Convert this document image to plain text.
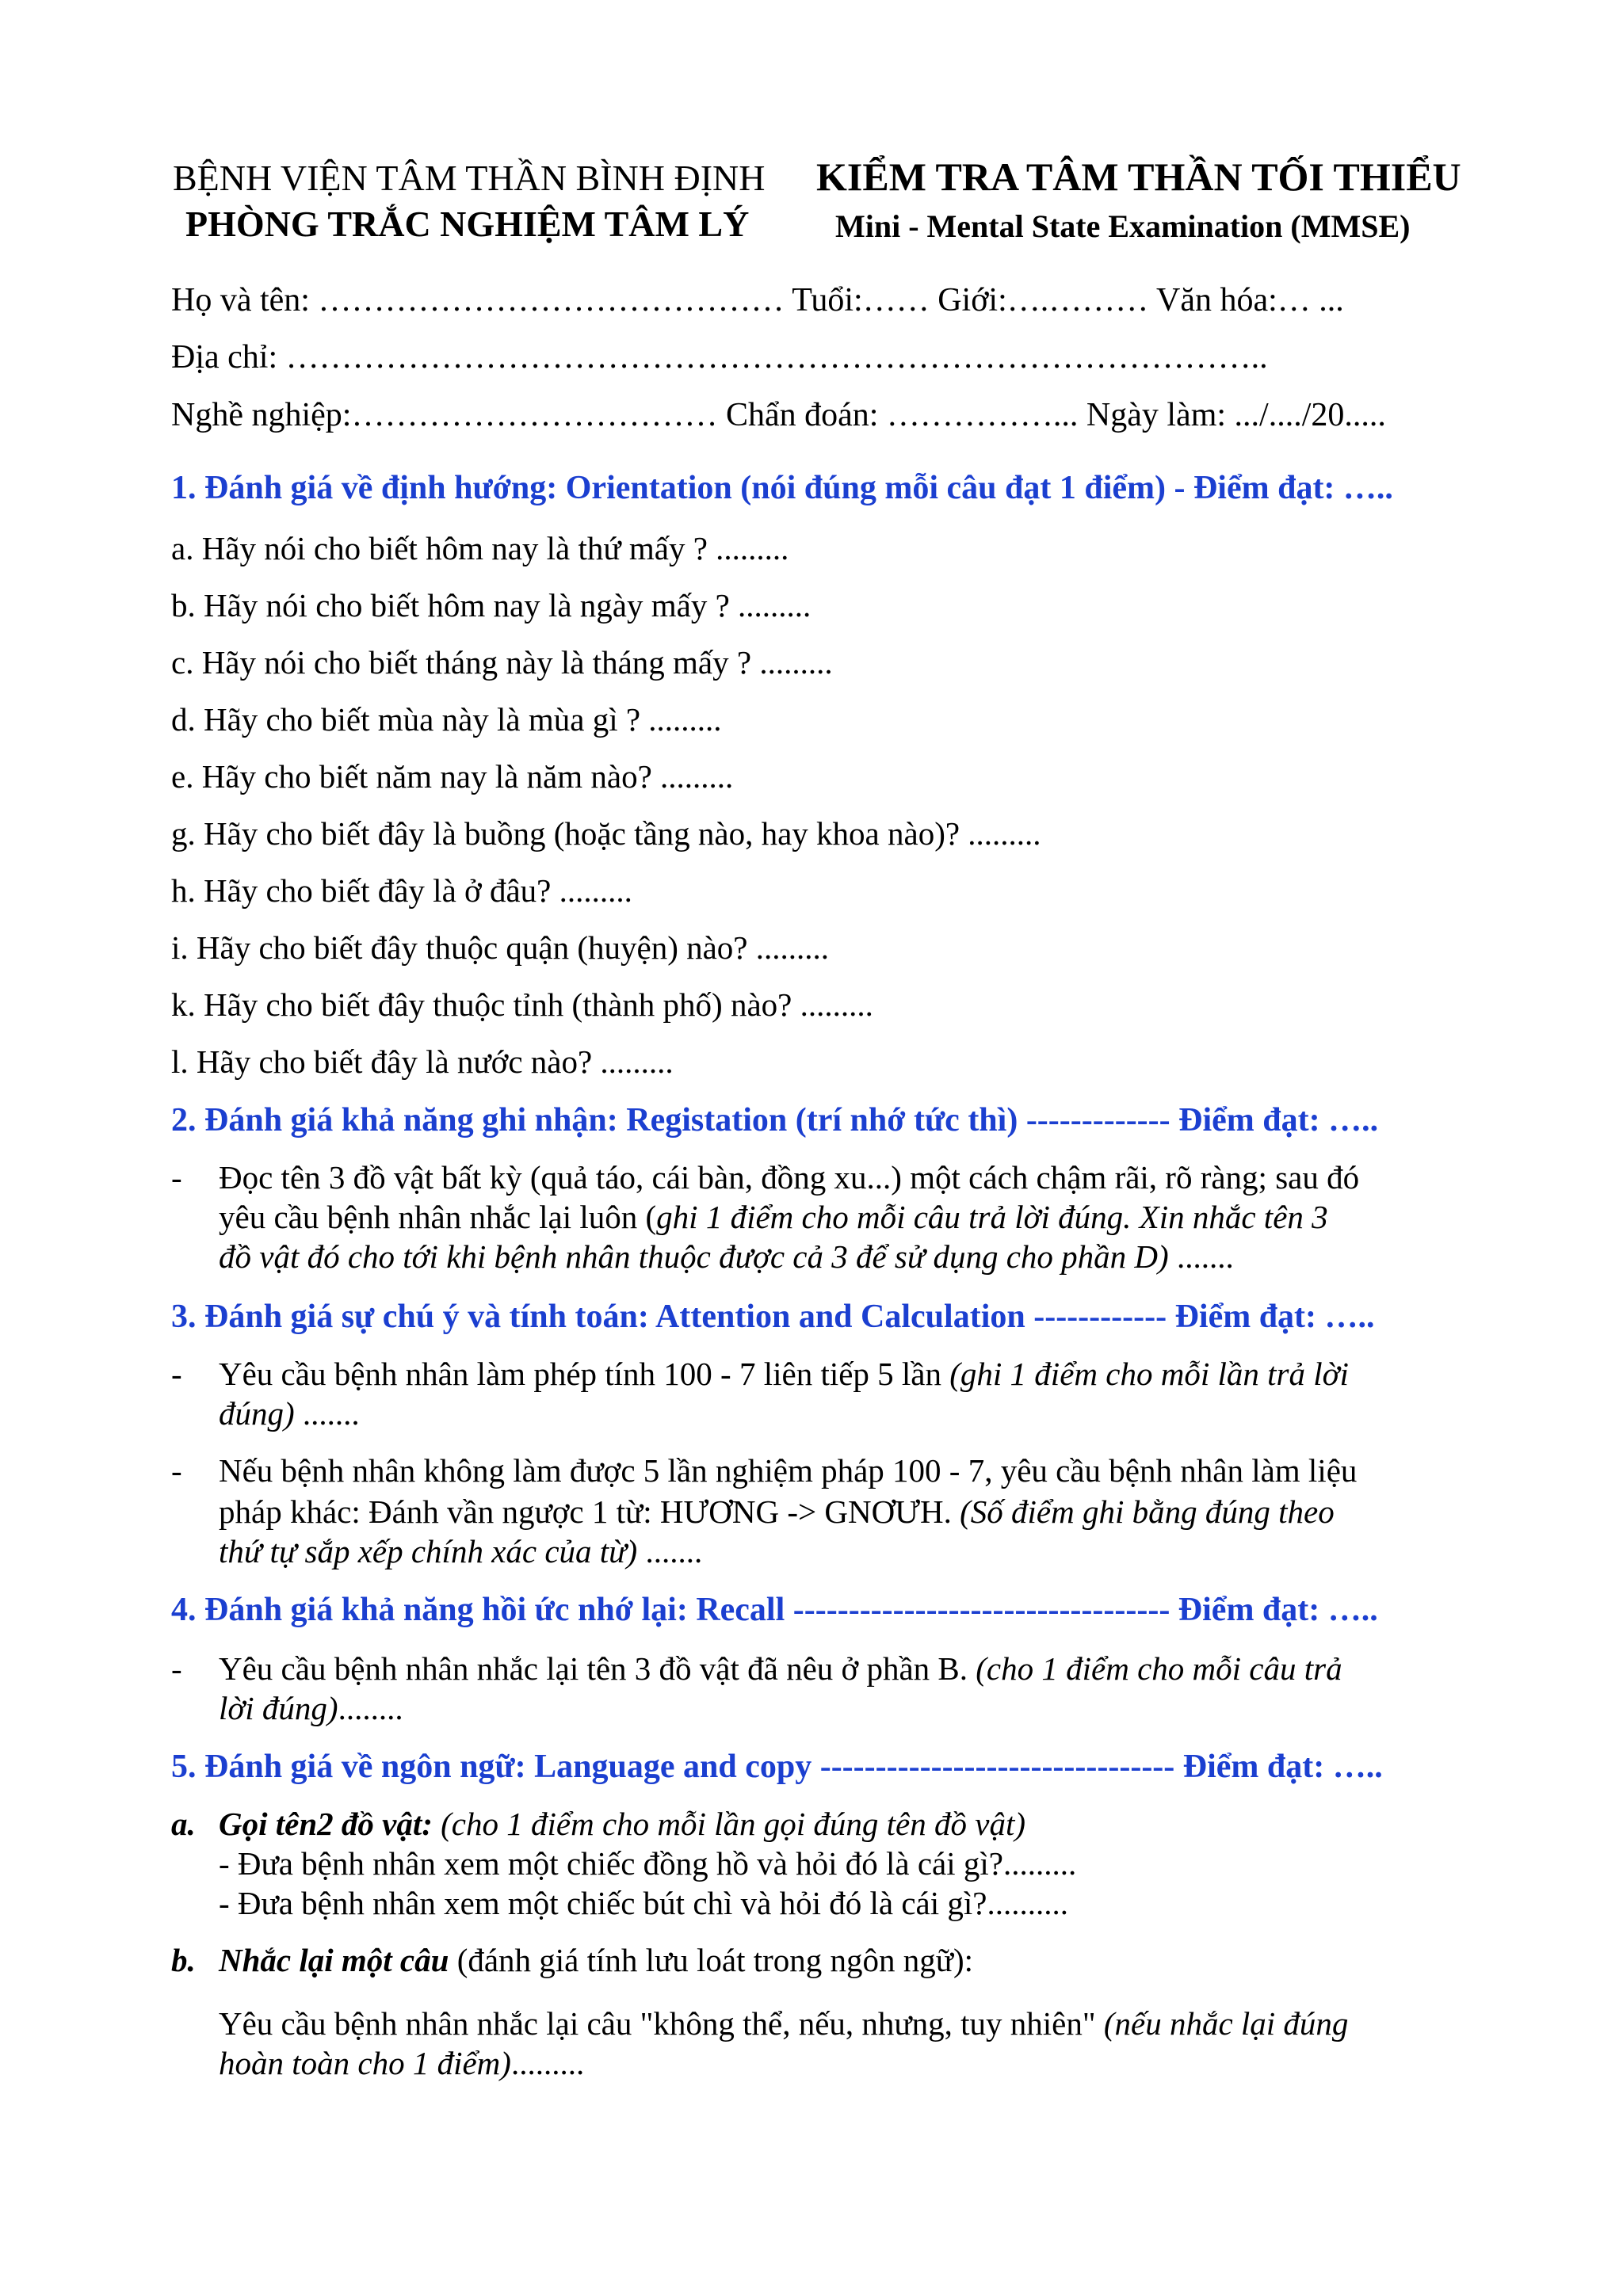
BỆNH VIỆN TÂM THẦN BÌNH ĐỊNH
PHÒNG TRẮC NGHIỆM TÂM LÝ
KIỂM TRA TÂM THẦN TỐI THIỂU
Mini - Mental State Examination (MMSE)
Họ và tên: …………………………………… Tuổi:…… Giới:….……… Văn hóa:… ...
Địa chỉ: ……………………………………………………………………………..
Nghề nghiệp:…………………………… Chẩn đoán: ……………... Ngày làm: .../..../20.....
1. Đánh giá về định hướng: Orientation (nói đúng mỗi câu đạt 1 điểm) - Điểm đạt: …..
a. Hãy nói cho biết hôm nay là thứ mấy ? .........
b. Hãy nói cho biết hôm nay là ngày mấy ? .........
c. Hãy nói cho biết tháng này là tháng mấy ? .........
d. Hãy cho biết mùa này là mùa gì ? .........
e. Hãy cho biết năm nay là năm nào? .........
g. Hãy cho biết đây là buồng (hoặc tầng nào, hay khoa nào)? .........
h. Hãy cho biết đây là ở đâu? .........
i. Hãy cho biết đây thuộc quận (huyện) nào? .........
k. Hãy cho biết đây thuộc tỉnh (thành phố) nào? .........
l. Hãy cho biết đây là nước nào? .........
2. Đánh giá khả năng ghi nhận: Registation (trí nhớ tức thì) ------------- Điểm đạt: …..
- Đọc tên 3 đồ vật bất kỳ (quả táo, cái bàn, đồng xu...) một cách chậm rãi, rõ ràng; sau đó
yêu cầu bệnh nhân nhắc lại luôn (ghi 1 điểm cho mỗi câu trả lời đúng. Xin nhắc tên 3
đồ vật đó cho tới khi bệnh nhân thuộc được cả 3 để sử dụng cho phần D) .......
3. Đánh giá sự chú ý và tính toán: Attention and Calculation ------------ Điểm đạt: …..
- Yêu cầu bệnh nhân làm phép tính 100 - 7 liên tiếp 5 lần (ghi 1 điểm cho mỗi lần trả lời
đúng) .......
- Nếu bệnh nhân không làm được 5 lần nghiệm pháp 100 - 7, yêu cầu bệnh nhân làm liệu
pháp khác: Đánh vần ngược 1 từ: HƯƠNG -> GNƠƯH. (Số điểm ghi bằng đúng theo
thứ tự sắp xếp chính xác của từ) .......
4. Đánh giá khả năng hồi ức nhớ lại: Recall ---------------------------------- Điểm đạt: …..
- Yêu cầu bệnh nhân nhắc lại tên 3 đồ vật đã nêu ở phần B. (cho 1 điểm cho mỗi câu trả
lời đúng)........
5. Đánh giá về ngôn ngữ: Language and copy -------------------------------- Điểm đạt: …..
a. Gọi tên2 đồ vật: (cho 1 điểm cho mỗi lần gọi đúng tên đồ vật)
- Đưa bệnh nhân xem một chiếc đồng hồ và hỏi đó là cái gì?.........
- Đưa bệnh nhân xem một chiếc bút chì và hỏi đó là cái gì?..........
b. Nhắc lại một câu (đánh giá tính lưu loát trong ngôn ngữ):
Yêu cầu bệnh nhân nhắc lại câu "không thể, nếu, nhưng, tuy nhiên" (nếu nhắc lại đúng
hoàn toàn cho 1 điểm).........
